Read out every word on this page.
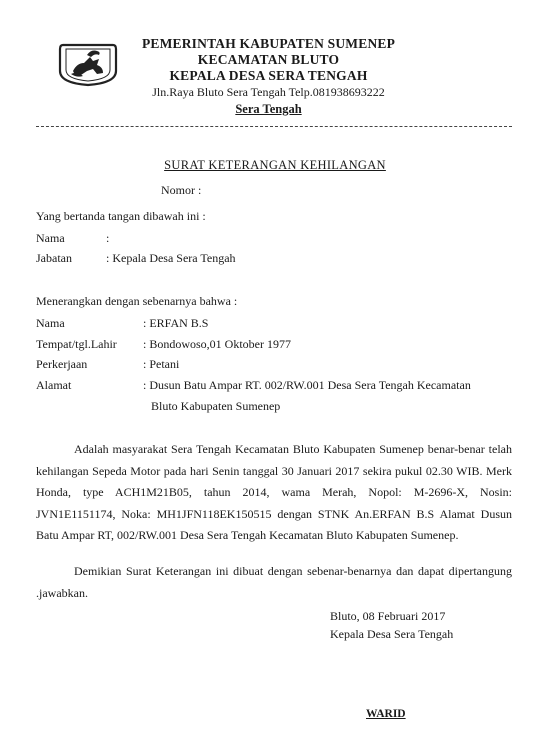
PEMERINTAH KABUPATEN SUMENEP
KECAMATAN BLUTO
KEPALA DESA SERA TENGAH
Jln.Raya Bluto Sera Tengah Telp.081938693222
Sera Tengah
SURAT KETERANGAN KEHILANGAN
Nomor :
Yang bertanda tangan dibawah ini :
Nama	:
Jabatan	: Kepala Desa Sera Tengah
Menerangkan dengan sebenarnya bahwa :
Nama	: ERFAN B.S
Tempat/tgl.Lahir : Bondowoso,01 Oktober 1977
Perkerjaan	: Petani
Alamat	: Dusun Batu Ampar RT. 002/RW.001 Desa Sera Tengah Kecamatan
Bluto Kabupaten Sumenep
Adalah masyarakat Sera Tengah Kecamatan Bluto Kabupaten Sumenep benar-benar telah kehilangan Sepeda Motor pada hari Senin tanggal 30 Januari 2017 sekira pukul 02.30 WIB. Merk Honda, type ACH1M21B05, tahun 2014, wama Merah, Nopol: M-2696-X, Nosin: JVN1E1151174, Noka: MH1JFN118EK150515 dengan STNK An.ERFAN B.S Alamat Dusun Batu Ampar RT, 002/RW.001 Desa Sera Tengah Kecamatan Bluto Kabupaten Sumenep.
Demikian Surat Keterangan ini dibuat dengan sebenar-benarnya dan dapat dipertangung .jawabkan.
Bluto, 08 Februari 2017
Kepala Desa Sera Tengah
WARID
